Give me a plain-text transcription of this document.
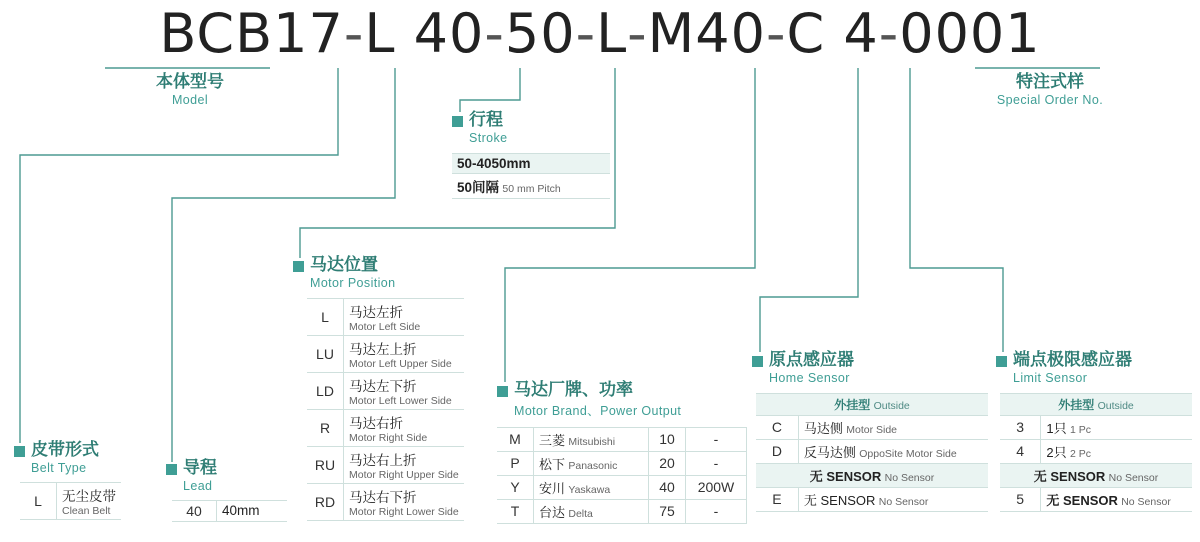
BCB17-L 40-50-L-M40-C 4-0001
本体型号
Model
特注式样
Special Order No.
行程
Stroke
50-4050mm
50间隔 50 mm Pitch
马达位置
Motor Position
L	马达左折
Motor Left Side

LU	马达左上折
Motor Left Upper Side

LD	马达左下折
Motor Left Lower Side

R	马达右折
Motor Right Side

RU	马达右上折
Motor Right Upper Side

RD	马达右下折
Motor Right Lower Side
皮带形式
Belt Type
L	无尘皮带
Clean Belt
导程
Lead
40	40mm
马达厂牌、功率
Motor Brand、Power Output
M	三菱 Mitsubishi	10	-
P	松下 Panasonic	20	-
Y	安川 Yaskawa	40	200W
T	台达 Delta	75	-
原点感应器
Home Sensor
外挂型 Outside	
C	马达侧 Motor Side
D	反马达侧 OppoSite Motor Side
无 SENSOR No Sensor	
E	无 SENSOR No Sensor
端点极限感应器
Limit Sensor
外挂型 Outside	
3	1只 1 Pc
4	2只 2 Pc
无 SENSOR No Sensor	
5	无 SENSOR No Sensor
